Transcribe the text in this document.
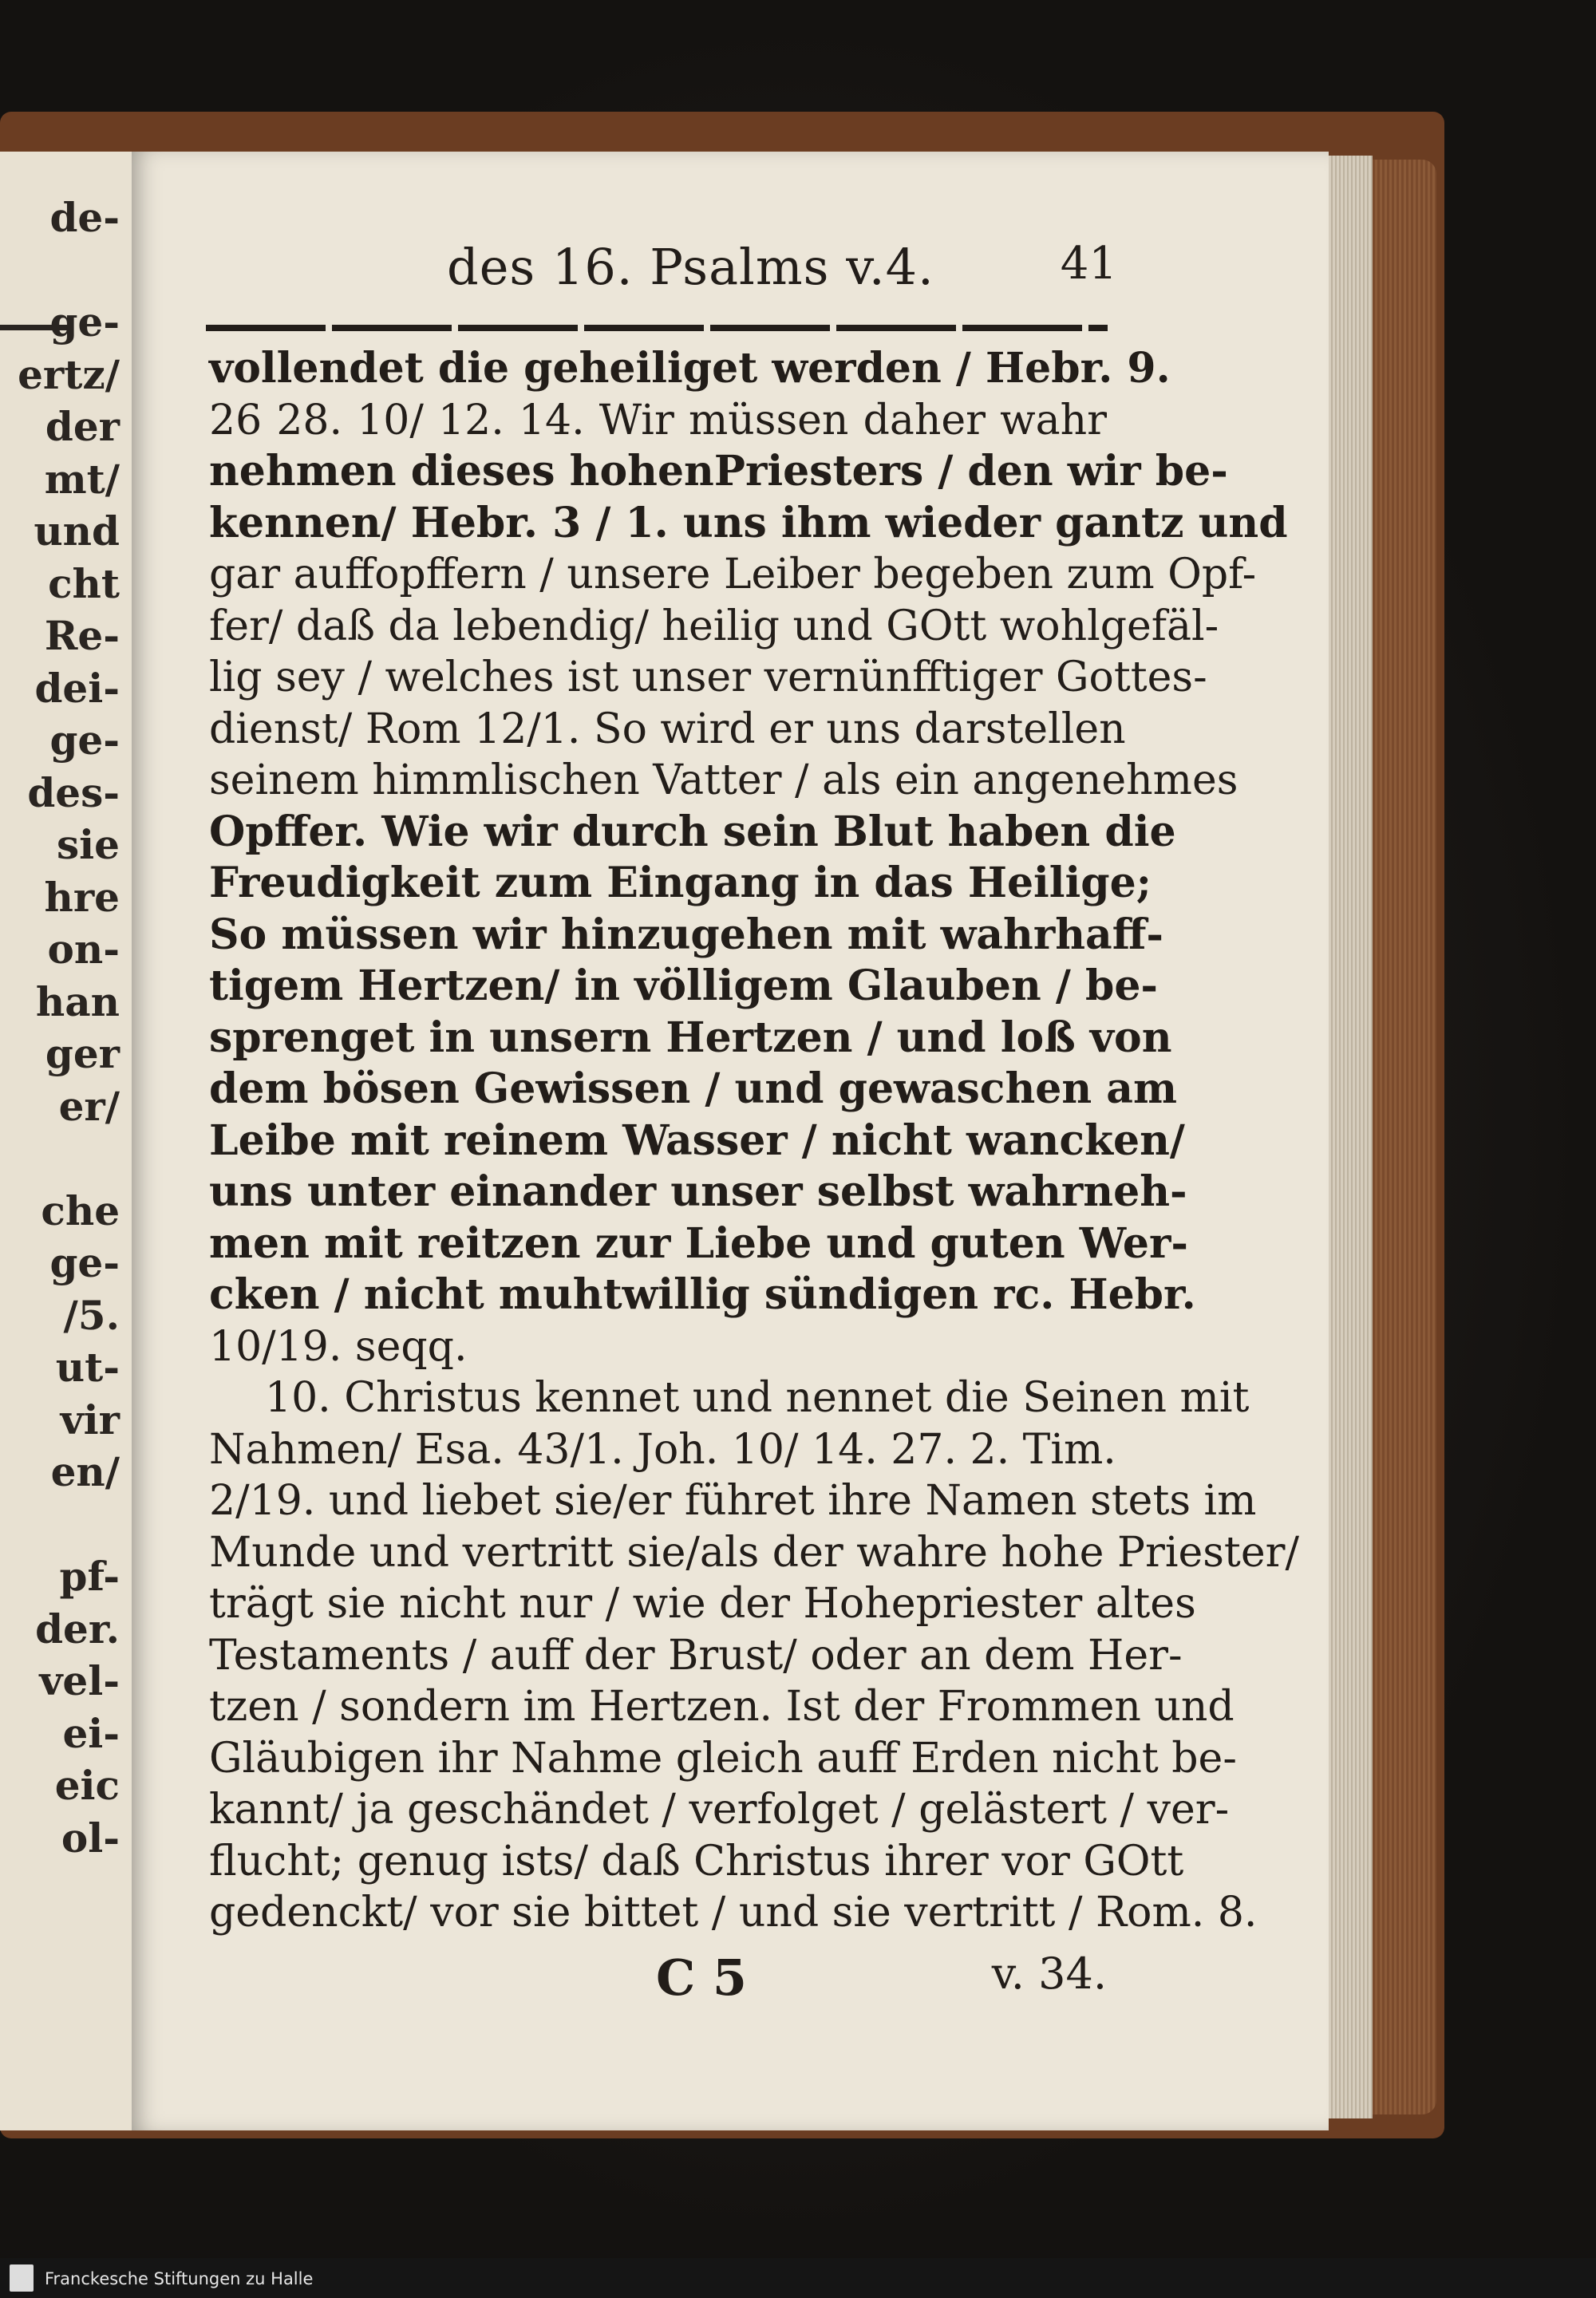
de-

ge-
ertz/
der
mt/
und
cht
Re-
dei-
ge-
des-
sie
hre
on-
han
ger
er/

che
ge-
/5.
ut-
vir
en/

pf-
der.
vel-
ei-
eic
ol-
des 16. Psalms v.4.	41
vollendet die geheiliget werden / Hebr. 9.
26 28. 10/ 12. 14. Wir müssen daher wahr
nehmen dieses hohenPriesters / den wir be-
kennen/ Hebr. 3 / 1. uns ihm wieder gantz und
gar auffopffern / unsere Leiber begeben zum Opf-
fer/ daß da lebendig/ heilig und GOtt wohlgefäl-
lig sey / welches ist unser vernünfftiger Gottes-
dienst/ Rom 12/1. So wird er uns darstellen
seinem himmlischen Vatter / als ein angenehmes
Opffer. Wie wir durch sein Blut haben die
Freudigkeit zum Eingang in das Heilige;
So müssen wir hinzugehen mit wahrhaff-
tigem Hertzen/ in völligem Glauben / be-
sprenget in unsern Hertzen / und loß von
dem bösen Gewissen / und gewaschen am
Leibe mit reinem Wasser / nicht wancken/
uns unter einander unser selbst wahrneh-
men mit reitzen zur Liebe und guten Wer-
cken / nicht muhtwillig sündigen rc. Hebr.
10/19. seqq.
10. Christus kennet und nennet die Seinen mit
Nahmen/ Esa. 43/1. Joh. 10/ 14. 27. 2. Tim.
2/19. und liebet sie/er führet ihre Namen stets im
Munde und vertritt sie/als der wahre hohe Priester/
trägt sie nicht nur / wie der Hohepriester altes
Testaments / auff der Brust/ oder an dem Her-
tzen / sondern im Hertzen. Ist der Frommen und
Gläubigen ihr Nahme gleich auff Erden nicht be-
kannt/ ja geschändet / verfolget / gelästert / ver-
flucht; genug ists/ daß Christus ihrer vor GOtt
gedenckt/ vor sie bittet / und sie vertritt / Rom. 8.
C 5	v. 34.
Franckesche Stiftungen zu Halle
